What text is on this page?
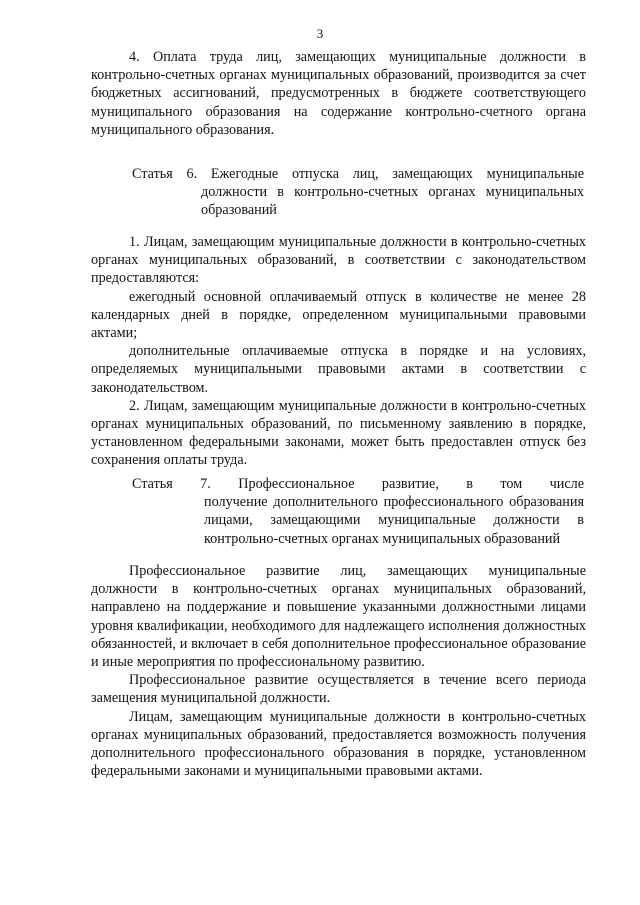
3

4. Оплата труда лиц, замещающих муниципальные должности в контрольно-счетных органах муниципальных образований, производится за счет бюджетных ассигнований, предусмотренных в бюджете соответствующего муниципального образования на содержание контрольно-счетного органа муниципального образования.

Статья 6. Ежегодные отпуска лиц, замещающих муниципальные
должности в контрольно-счетных органах муниципальных образований

1. Лицам, замещающим муниципальные должности в контрольно-счетных органах муниципальных образований, в соответствии с законодательством предоставляются:

ежегодный основной оплачиваемый отпуск в количестве не менее 28 календарных дней в порядке, определенном муниципальными правовыми актами;

дополнительные оплачиваемые отпуска в порядке и на условиях, определяемых муниципальными правовыми актами в соответствии с законодательством.

2. Лицам, замещающим муниципальные должности в контрольно-счетных органах муниципальных образований, по письменному заявлению в порядке, установленном федеральными законами, может быть предоставлен отпуск без сохранения оплаты труда.

Статья 7. Профессиональное развитие, в том числе
получение дополнительного профессионального образования лицами, замещающими муниципальные должности в контрольно-счетных органах муниципальных образований

Профессиональное развитие лиц, замещающих муниципальные должности в контрольно-счетных органах муниципальных образований, направлено на поддержание и повышение указанными должностными лицами уровня квалификации, необходимого для надлежащего исполнения должностных обязанностей, и включает в себя дополнительное профессиональное образование и иные мероприятия по профессиональному развитию.

Профессиональное развитие осуществляется в течение всего периода замещения муниципальной должности.

Лицам, замещающим муниципальные должности в контрольно-счетных органах муниципальных образований, предоставляется возможность получения дополнительного профессионального образования в порядке, установленном федеральными законами и муниципальными правовыми актами.
